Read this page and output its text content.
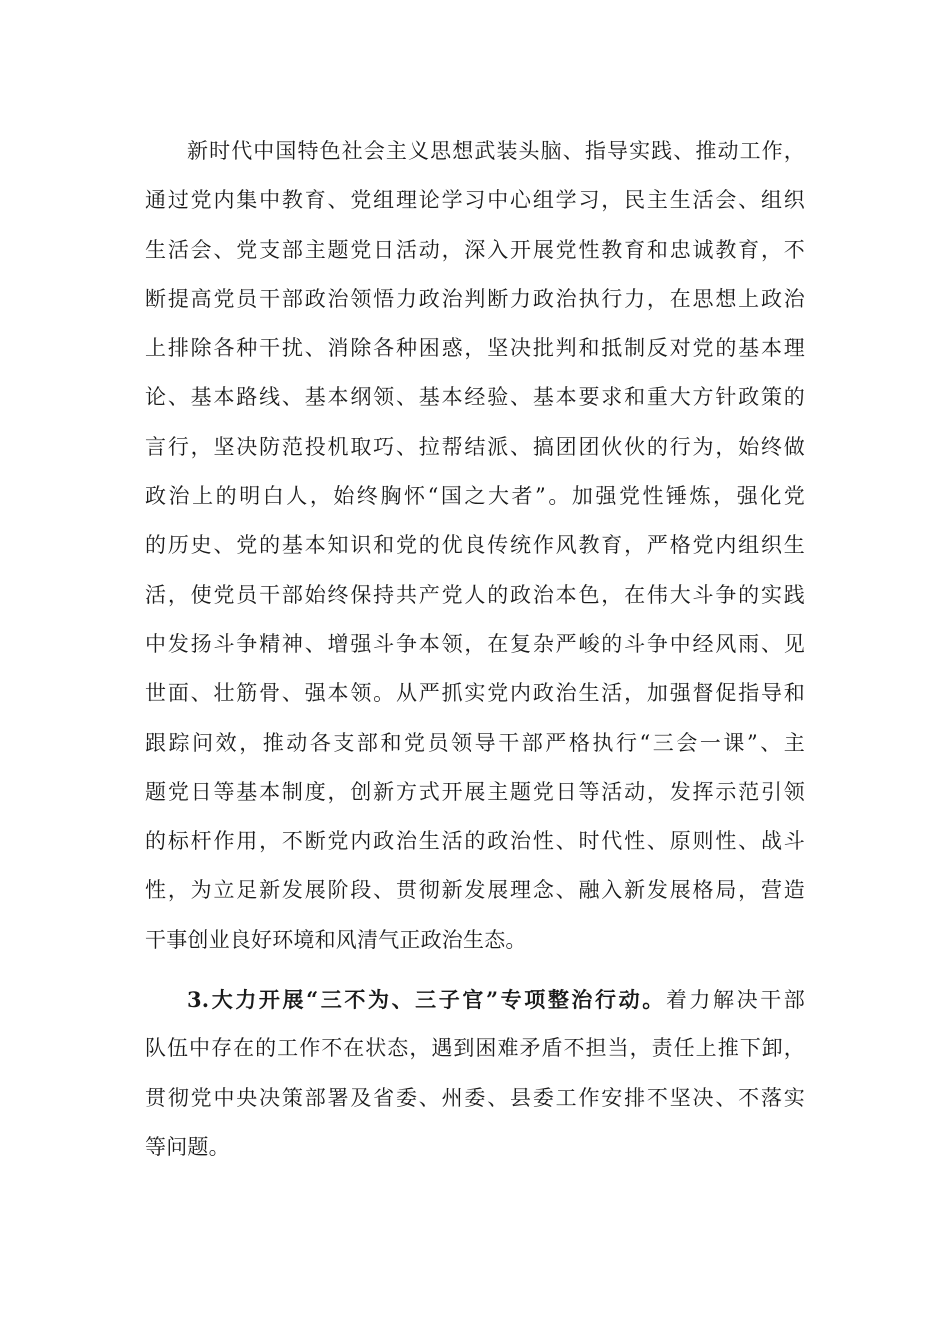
新时代中国特色社会主义思想武装头脑、指导实践、推动工作，
通过党内集中教育、党组理论学习中心组学习，民主生活会、组织
生活会、党支部主题党日活动，深入开展党性教育和忠诚教育，不
断提高党员干部政治领悟力政治判断力政治执行力，在思想上政治
上排除各种干扰、消除各种困惑，坚决批判和抵制反对党的基本理
论、基本路线、基本纲领、基本经验、基本要求和重大方针政策的
言行，坚决防范投机取巧、拉帮结派、搞团团伙伙的行为，始终做
政治上的明白人，始终胸怀“国之大者”。加强党性锤炼，强化党
的历史、党的基本知识和党的优良传统作风教育，严格党内组织生
活，使党员干部始终保持共产党人的政治本色，在伟大斗争的实践
中发扬斗争精神、增强斗争本领，在复杂严峻的斗争中经风雨、见
世面、壮筋骨、强本领。从严抓实党内政治生活，加强督促指导和
跟踪问效，推动各支部和党员领导干部严格执行“三会一课”、主
题党日等基本制度，创新方式开展主题党日等活动，发挥示范引领
的标杆作用，不断党内政治生活的政治性、时代性、原则性、战斗
性，为立足新发展阶段、贯彻新发展理念、融入新发展格局，营造
干事创业良好环境和风清气正政治生态。
3.大力开展“三不为、三子官”专项整治行动。着力解决干部
队伍中存在的工作不在状态，遇到困难矛盾不担当，责任上推下卸，
贯彻党中央决策部署及省委、州委、县委工作安排不坚决、不落实
等问题。
